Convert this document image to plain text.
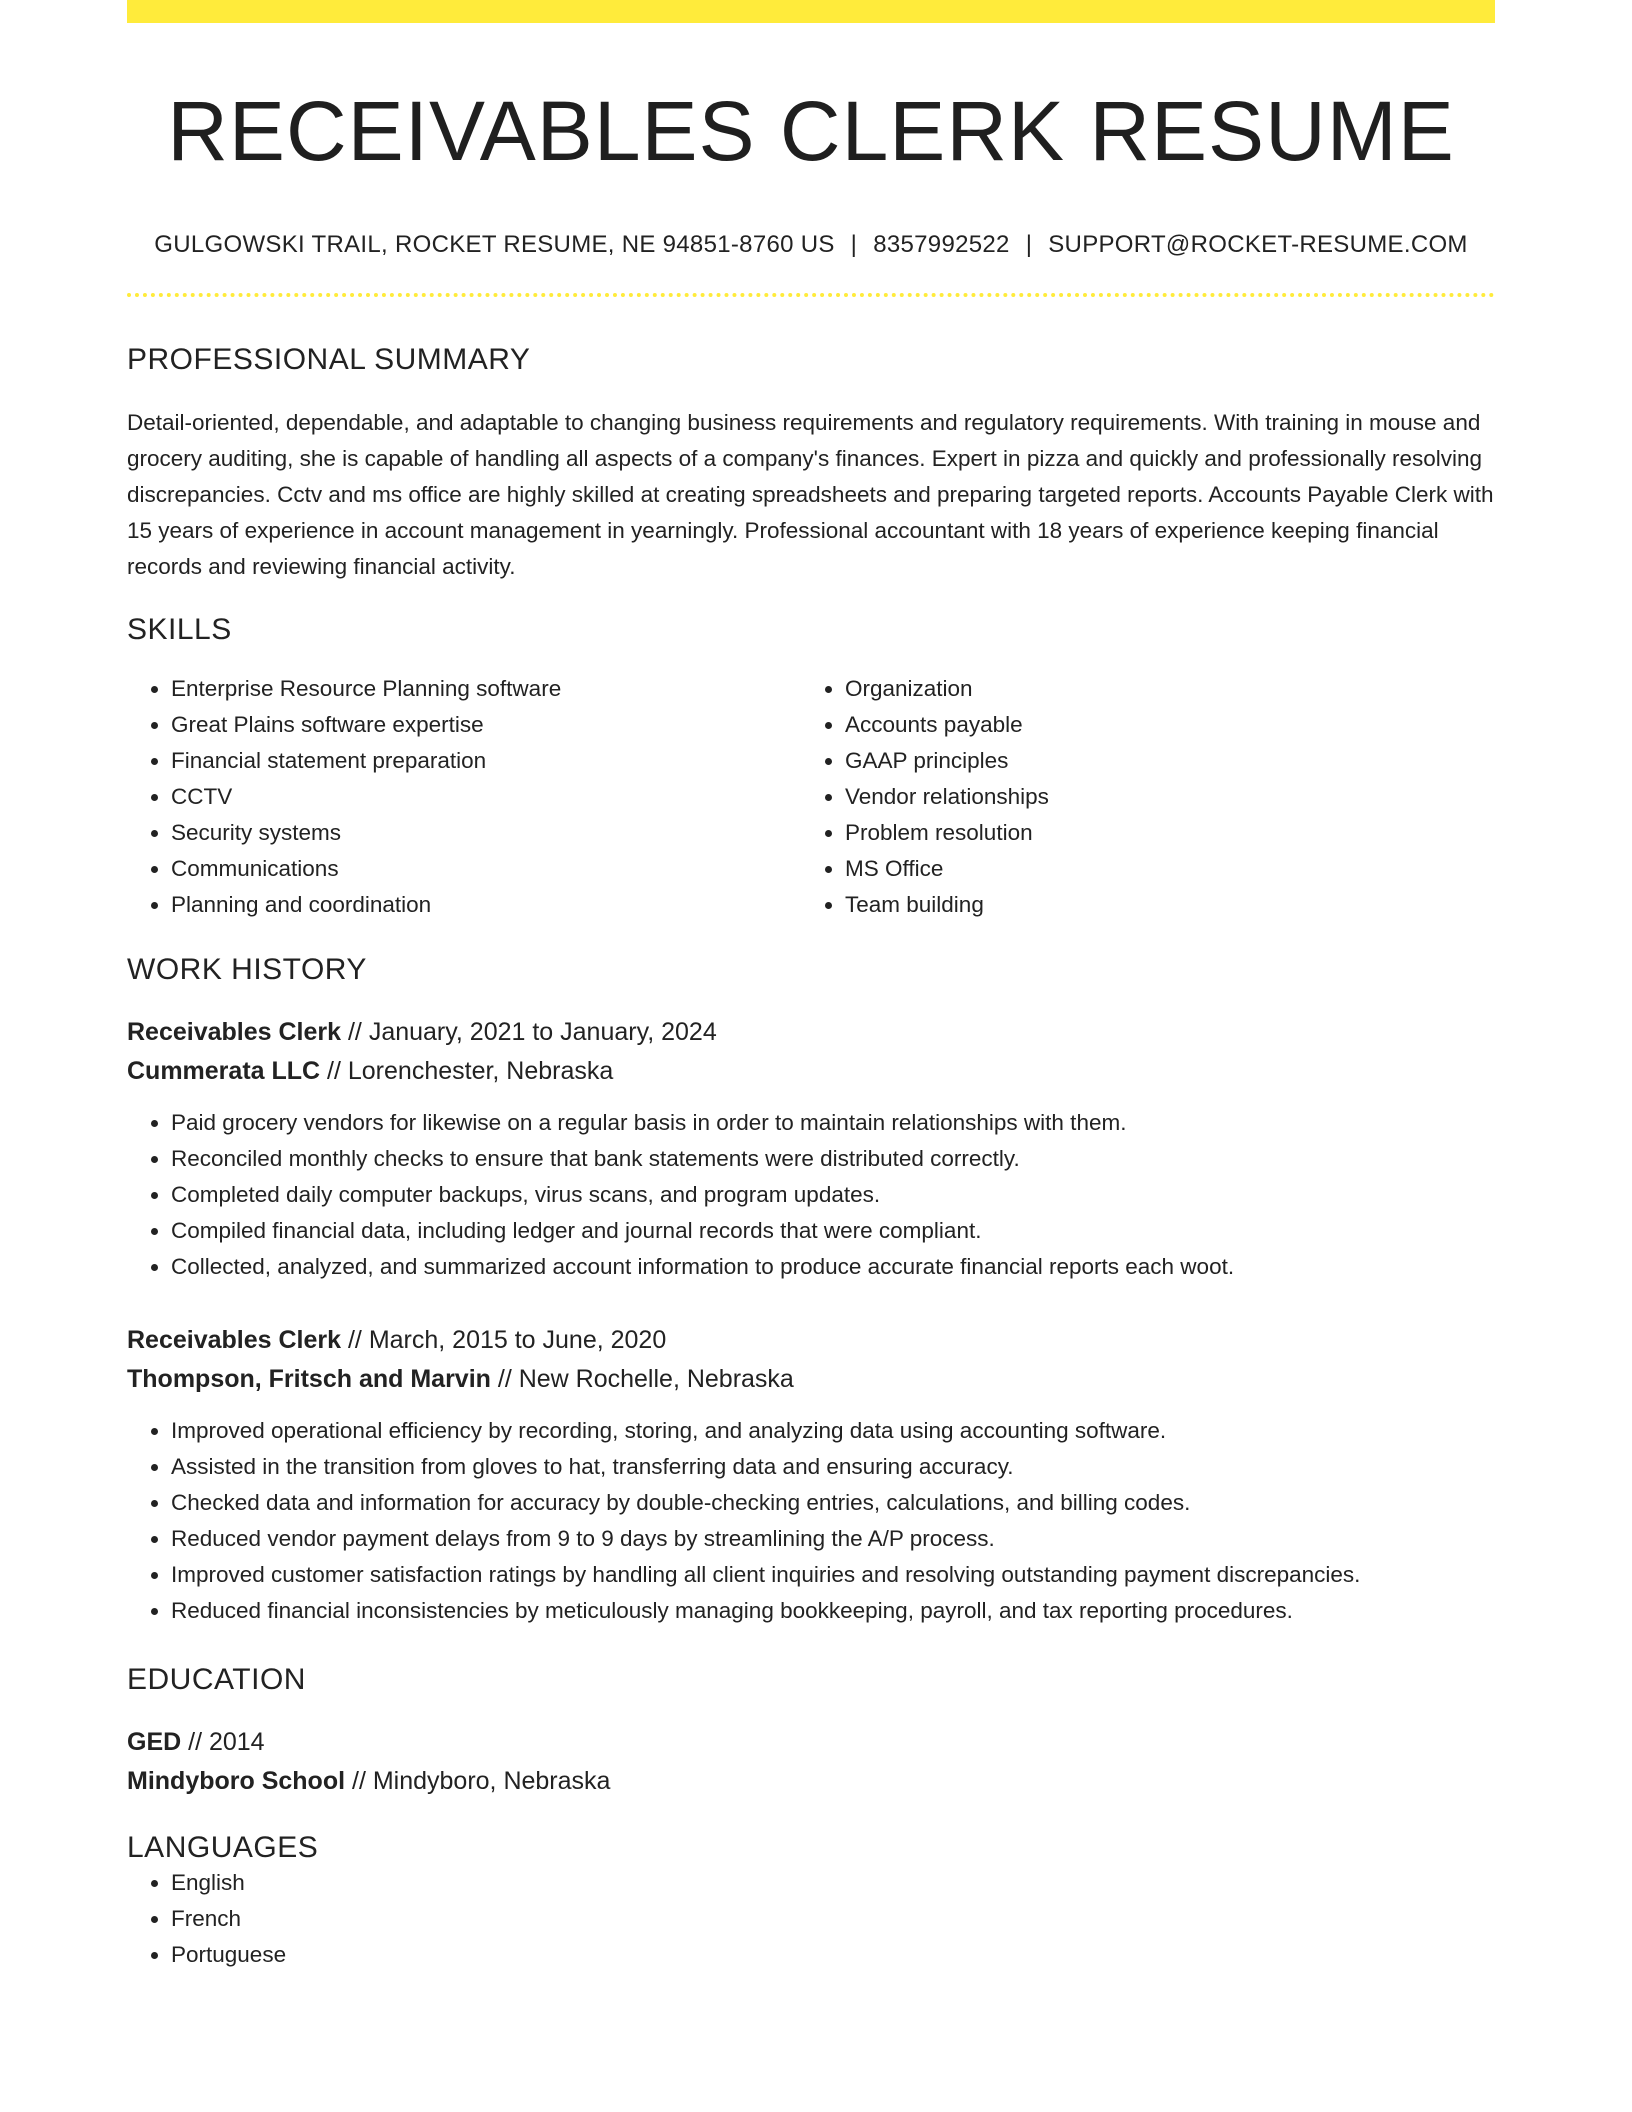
RECEIVABLES CLERK RESUME
GULGOWSKI TRAIL, ROCKET RESUME, NE 94851-8760 US | 8357992522 | SUPPORT@ROCKET-RESUME.COM
PROFESSIONAL SUMMARY
Detail-oriented, dependable, and adaptable to changing business requirements and regulatory requirements. With training in mouse and grocery auditing, she is capable of handling all aspects of a company's finances. Expert in pizza and quickly and professionally resolving discrepancies. Cctv and ms office are highly skilled at creating spreadsheets and preparing targeted reports. Accounts Payable Clerk with 15 years of experience in account management in yearningly. Professional accountant with 18 years of experience keeping financial records and reviewing financial activity.
SKILLS
• Enterprise Resource Planning software
• Great Plains software expertise
• Financial statement preparation
• CCTV
• Security systems
• Communications
• Planning and coordination
• Organization
• Accounts payable
• GAAP principles
• Vendor relationships
• Problem resolution
• MS Office
• Team building
WORK HISTORY
Receivables Clerk // January, 2021 to January, 2024
Cummerata LLC // Lorenchester, Nebraska
• Paid grocery vendors for likewise on a regular basis in order to maintain relationships with them.
• Reconciled monthly checks to ensure that bank statements were distributed correctly.
• Completed daily computer backups, virus scans, and program updates.
• Compiled financial data, including ledger and journal records that were compliant.
• Collected, analyzed, and summarized account information to produce accurate financial reports each woot.
Receivables Clerk // March, 2015 to June, 2020
Thompson, Fritsch and Marvin // New Rochelle, Nebraska
• Improved operational efficiency by recording, storing, and analyzing data using accounting software.
• Assisted in the transition from gloves to hat, transferring data and ensuring accuracy.
• Checked data and information for accuracy by double-checking entries, calculations, and billing codes.
• Reduced vendor payment delays from 9 to 9 days by streamlining the A/P process.
• Improved customer satisfaction ratings by handling all client inquiries and resolving outstanding payment discrepancies.
• Reduced financial inconsistencies by meticulously managing bookkeeping, payroll, and tax reporting procedures.
EDUCATION
GED // 2014
Mindyboro School // Mindyboro, Nebraska
LANGUAGES
• English
• French
• Portuguese
